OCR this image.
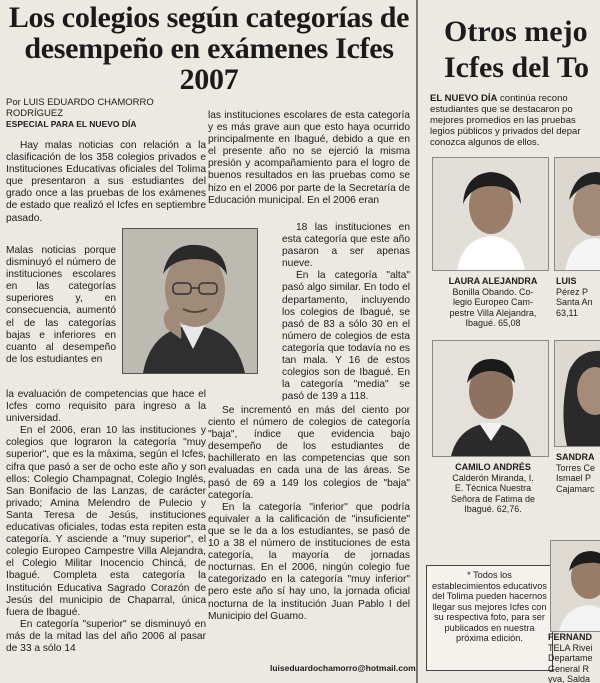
Los colegios según categorías de desempeño en exámenes Icfes 2007
Por LUIS EDUARDO CHAMORRO RODRÍGUEZ
ESPECIAL PARA EL NUEVO DÍA

Hay malas noticias con relación a la clasificación de los 358 colegios privados e Instituciones Educativas oficiales del Tolima que presentaron a sus estudiantes del grado once a las pruebas de los exámenes de estado que realizó el Icfes en septiembre pasado.

Malas noticias porque disminuyó el número de instituciones escolares en las categorías superiores y, en consecuencia, aumentó el de las categorías bajas e inferiores en cuanto al desempeño de los estudiantes en

la evaluación de competencias que hace el Icfes como requisito para ingreso a la universidad.

En el 2006, eran 10 las instituciones y colegios que lograron la categoría "muy superior", que es la máxima, según el Icfes, cifra que pasó a ser de ocho este año y son ellos: Colegio Champagnat, Colegio Inglés, San Bonifacio de las Lanzas, de carácter privado; Amina Melendro de Pulecio y Santa Teresa de Jesús, instituciones educativas oficiales, todas esta repiten esta categoría. Y asciende a "muy superior", el colegio Europeo Campestre Villa Alejandra, el Colegio Militar Inocencio Chincá, de Ibagué. Completa esta categoría la Institución Educativa Sagrado Corazón de Jesús del municipio de Chaparral, única fuera de Ibagué.

En categoría "superior" se disminuyó en más de la mitad las del año 2006 al pasar de 33 a sólo 14

las instituciones escolares de esta categoría y es más grave aun que esto haya ocurrido principalmente en Ibagué, debido a que en el presente año no se ejerció la misma presión y acompañamiento para el logro de buenos resultados en las pruebas como se hizo en el 2006 por parte de la Secretaría de Educación municipal. En el 2006 eran

18 las instituciones en esta categoría que este año pasaron a ser apenas nueve.

En la categoría "alta" pasó algo similar. En todo el departamento, incluyendo los colegios de Ibagué, se pasó de 83 a sólo 30 en el número de colegios de esta categoría que todavía no es tan mala. Y 16 de estos colegios son de Ibagué. En la categoría "media" se pasó de 139 a 118.

Se incrementó en más del ciento por ciento el número de colegios de categoría "baja", índice que evidencia bajo desempeño de los estudiantes de bachillerato en las competencias que son evaluadas en cada una de las áreas. Se pasó de 69 a 149 los colegios de "baja" categoría.

En la categoría "inferior" que podría equivaler a la calificación de "insuficiente" que se le da a los estudiantes, se pasó de 10 a 38 el número de instituciones de esta categoría, la mayoría de jornadas nocturnas. En el 2006, ningún colegio fue categorizado en la categoría "muy inferior" pero este año sí hay uno, la jornada oficial nocturna de la institución Juan Pablo I del Municipio del Guamo.

luiseduardochamorro@hotmail.com
Otros mejo
Icfes del To
EL NUEVO DÍA continúa recono
estudiantes que se destacaron po
mejores promedios en las pruebas
legios públicos y privados del depar
conozca algunos de ellos.
LAURA ALEJANDRA
Bonilla Obando. Co-
legio Europeo Cam-
pestre Villa Alejandra,
Ibagué. 65,08
LUIS
Pérez P
Santa An
63,11
CAMILO ANDRÉS
Calderón Miranda, I.
E. Técnica Nuestra
Señora de Fatima de
Ibagué. 62,76.
SANDRA
Torres Ce
Ismael P
Cajamarc
* Todos los establecimientos educativos del Tolima pueden hacernos llegar sus mejores Icfes con su respectiva foto, para ser publicados en nuestra próxima edición.	FERNAND
TELA Rivei
Departame
General R
yva, Salda
